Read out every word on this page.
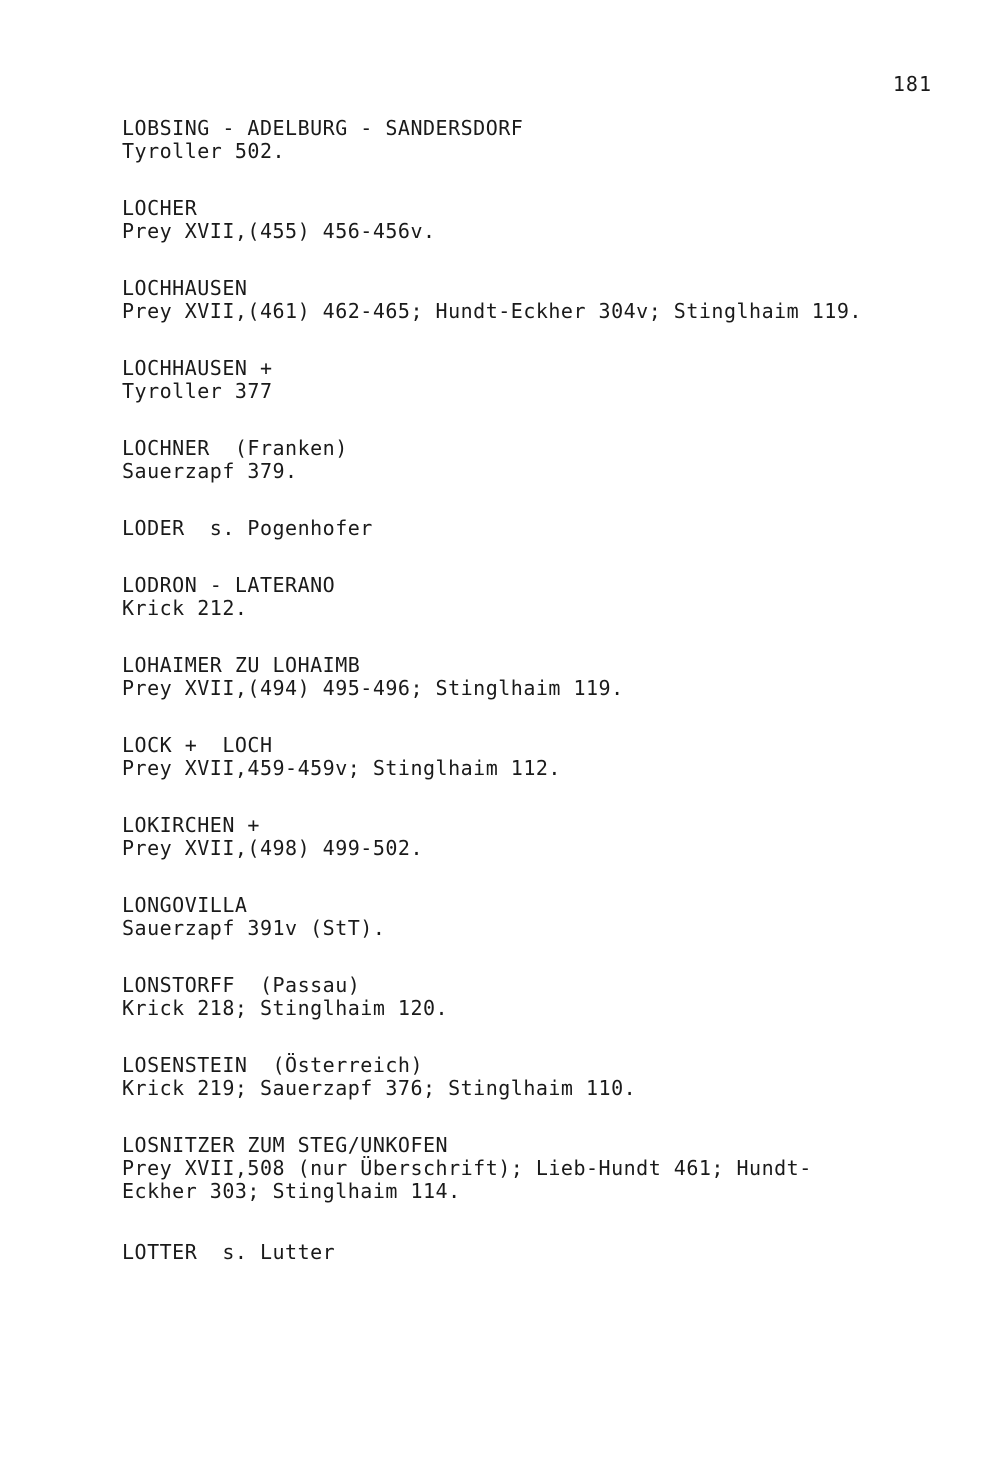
181
LOBSING - ADELBURG - SANDERSDORF
Tyroller 502.
LOCHER
Prey XVII,(455) 456-456v.
LOCHHAUSEN
Prey XVII,(461) 462-465; Hundt-Eckher 304v; Stinglhaim 119.
LOCHHAUSEN +
Tyroller 377
LOCHNER  (Franken)
Sauerzapf 379.
LODER  s. Pogenhofer
LODRON - LATERANO
Krick 212.
LOHAIMER ZU LOHAIMB
Prey XVII,(494) 495-496; Stinglhaim 119.
LOCK +  LOCH
Prey XVII,459-459v; Stinglhaim 112.
LOKIRCHEN +
Prey XVII,(498) 499-502.
LONGOVILLA
Sauerzapf 391v (StT).
LONSTORFF  (Passau)
Krick 218; Stinglhaim 120.
LOSENSTEIN  (Österreich)
Krick 219; Sauerzapf 376; Stinglhaim 110.
LOSNITZER ZUM STEG/UNKOFEN
Prey XVII,508 (nur Überschrift); Lieb-Hundt 461; Hundt-
Eckher 303; Stinglhaim 114.
LOTTER  s. Lutter
